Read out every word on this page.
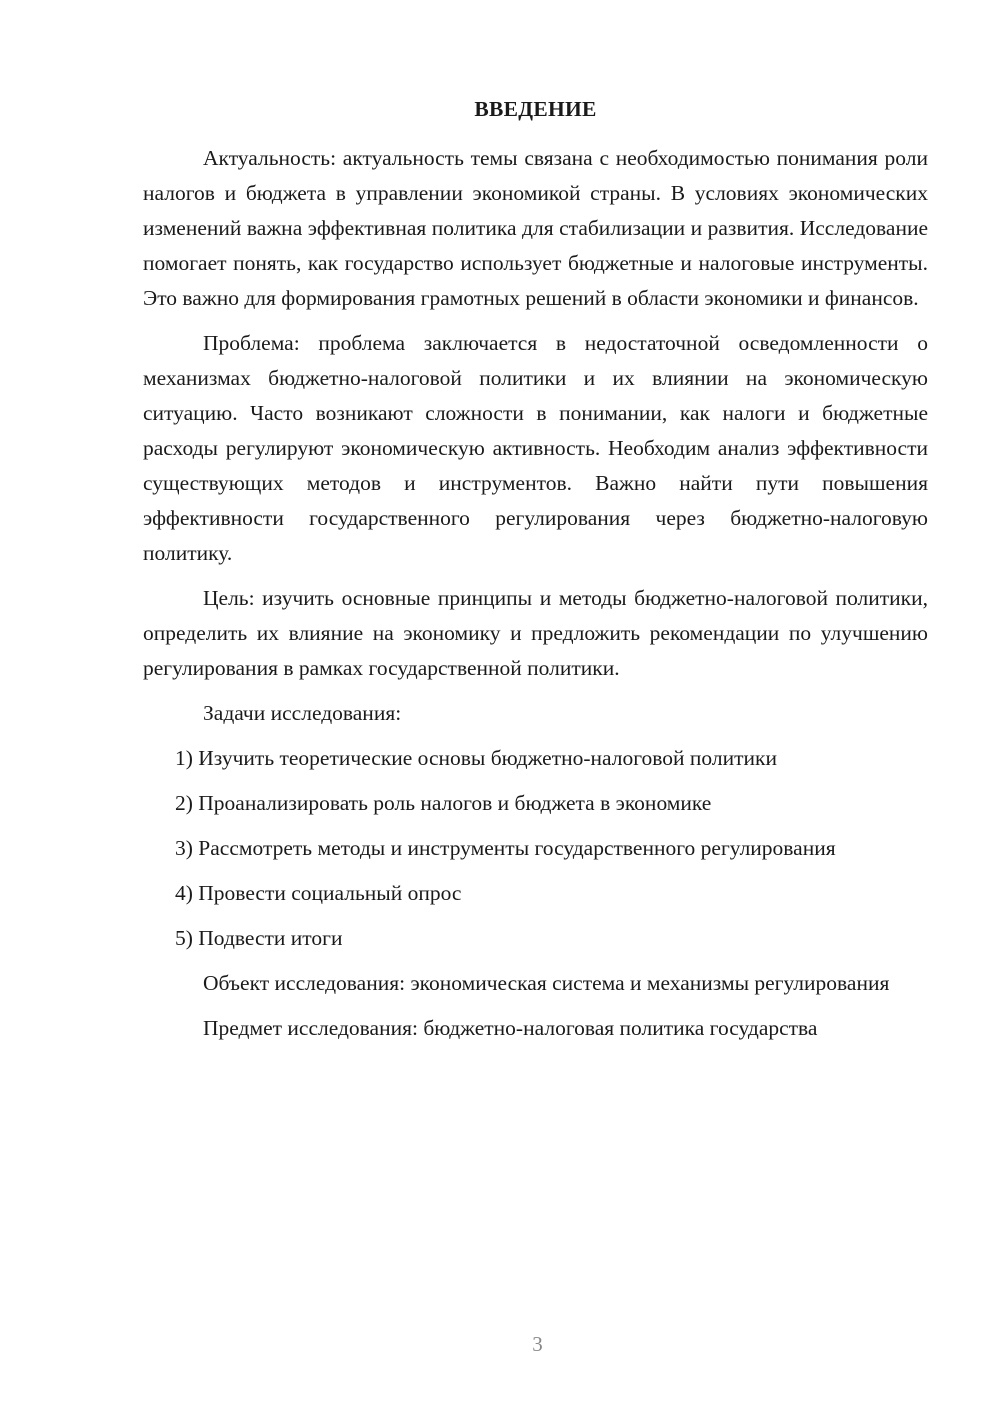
ВВЕДЕНИЕ

Актуальность: актуальность темы связана с необходимостью понимания роли налогов и бюджета в управлении экономикой страны. В условиях экономических изменений важна эффективная политика для стабилизации и развития. Исследование помогает понять, как государство использует бюджетные и налоговые инструменты. Это важно для формирования грамотных решений в области экономики и финансов.

Проблема: проблема заключается в недостаточной осведомленности о механизмах бюджетно-налоговой политики и их влиянии на экономическую ситуацию. Часто возникают сложности в понимании, как налоги и бюджетные расходы регулируют экономическую активность. Необходим анализ эффективности существующих методов и инструментов. Важно найти пути повышения эффективности государственного регулирования через бюджетно-налоговую политику.

Цель: изучить основные принципы и методы бюджетно-налоговой политики, определить их влияние на экономику и предложить рекомендации по улучшению регулирования в рамках государственной политики.

Задачи исследования:

1) Изучить теоретические основы бюджетно-налоговой политики

2) Проанализировать роль налогов и бюджета в экономике

3) Рассмотреть методы и инструменты государственного регулирования

4) Провести социальный опрос

5) Подвести итоги

Объект исследования: экономическая система и механизмы регулирования

Предмет исследования: бюджетно-налоговая политика государства

3
